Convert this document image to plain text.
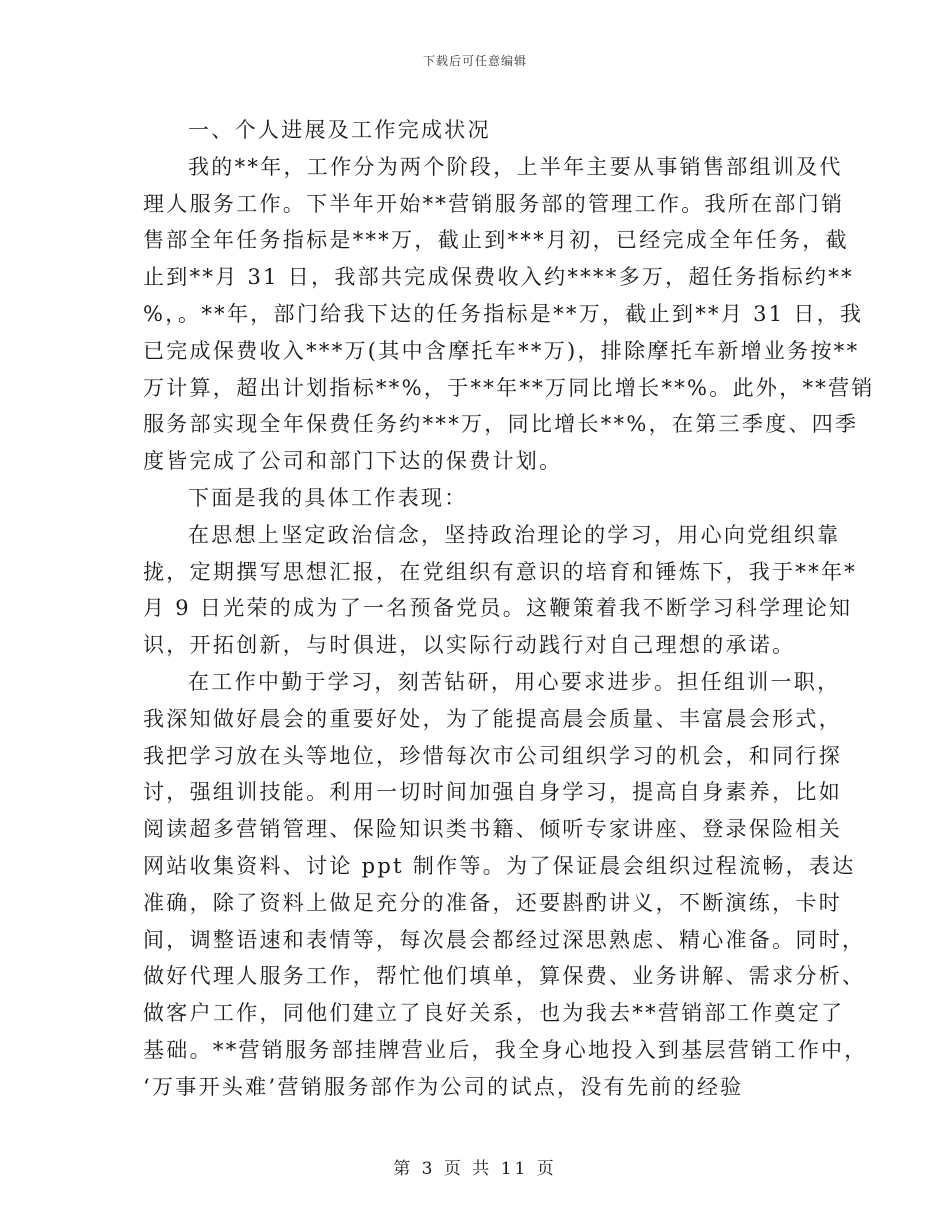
下载后可任意编辑
一、个人进展及工作完成状况
我的**年，工作分为两个阶段，上半年主要从事销售部组训及代
理人服务工作。下半年开始**营销服务部的管理工作。我所在部门销
售部全年任务指标是***万，截止到***月初，已经完成全年任务，截
止到**月 31 日，我部共完成保费收入约****多万，超任务指标约**
%，。**年，部门给我下达的任务指标是**万，截止到**月 31 日，我
已完成保费收入***万(其中含摩托车**万)，排除摩托车新增业务按**
万计算，超出计划指标**%，于**年**万同比增长**%。此外，**营销
服务部实现全年保费任务约***万，同比增长**%，在第三季度、四季
度皆完成了公司和部门下达的保费计划。
下面是我的具体工作表现：
在思想上坚定政治信念，坚持政治理论的学习，用心向党组织靠
拢，定期撰写思想汇报，在党组织有意识的培育和锤炼下，我于**年*
月 9 日光荣的成为了一名预备党员。这鞭策着我不断学习科学理论知
识，开拓创新，与时俱进，以实际行动践行对自己理想的承诺。
在工作中勤于学习，刻苦钻研，用心要求进步。担任组训一职，
我深知做好晨会的重要好处，为了能提高晨会质量、丰富晨会形式，
我把学习放在头等地位，珍惜每次市公司组织学习的机会，和同行探
讨，强组训技能。利用一切时间加强自身学习，提高自身素养，比如
阅读超多营销管理、保险知识类书籍、倾听专家讲座、登录保险相关
网站收集资料、讨论 ppt 制作等。为了保证晨会组织过程流畅，表达
准确，除了资料上做足充分的准备，还要斟酌讲义，不断演练，卡时
间，调整语速和表情等，每次晨会都经过深思熟虑、精心准备。同时，
做好代理人服务工作，帮忙他们填单，算保费、业务讲解、需求分析、
做客户工作，同他们建立了良好关系，也为我去**营销部工作奠定了
基础。**营销服务部挂牌营业后，我全身心地投入到基层营销工作中，
‘万事开头难’营销服务部作为公司的试点，没有先前的经验
第 3 页 共 11 页
